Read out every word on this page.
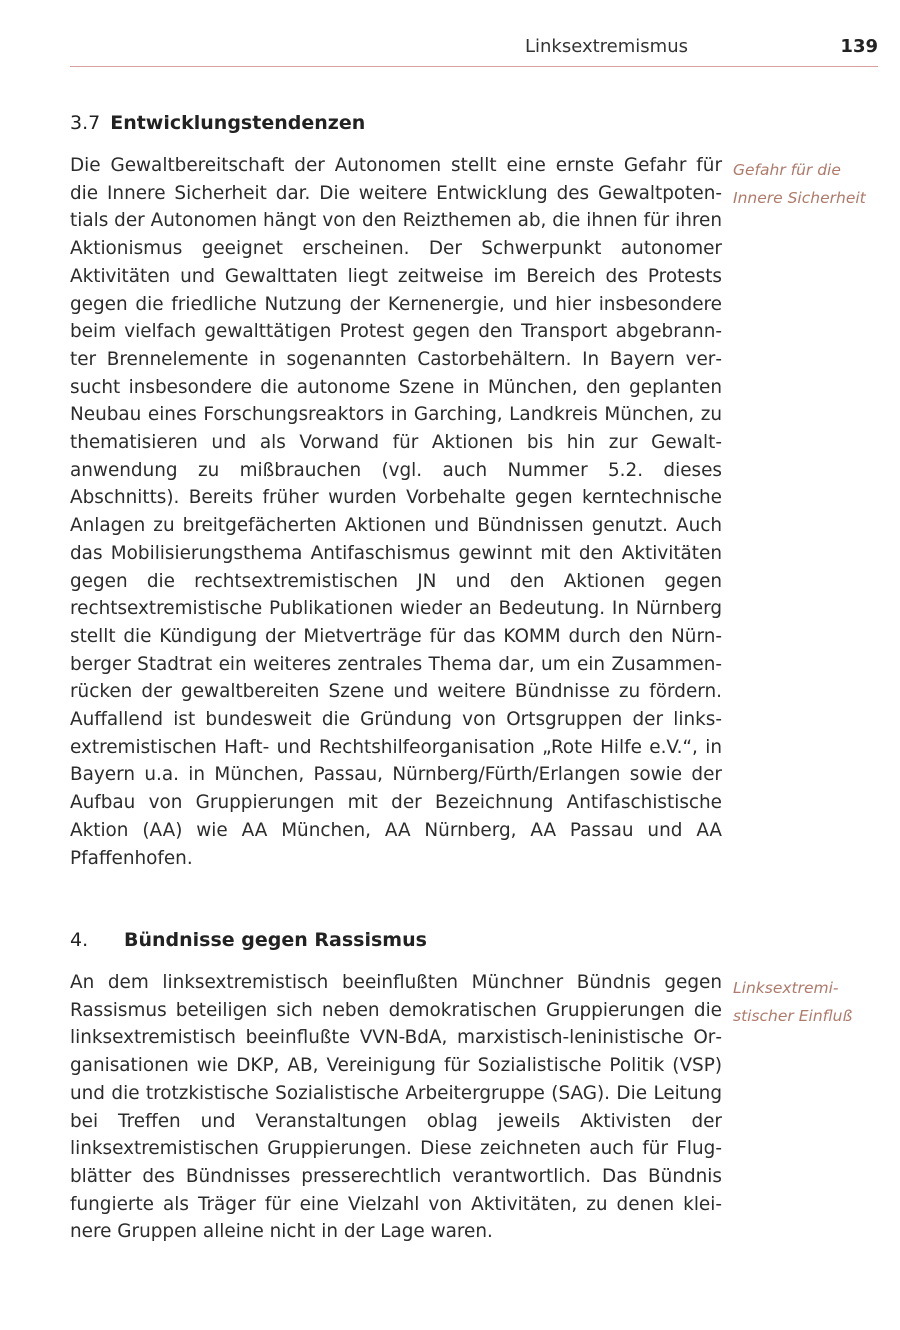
Linksextremismus	139
3.7 Entwicklungstendenzen

Die Gewaltbereitschaft der Autonomen stellt eine ernste Gefahr für die Innere Sicherheit dar. Die weitere Entwicklung des Gewaltpotentials der Autonomen hängt von den Reizthemen ab, die ihnen für ihren Aktionismus geeignet erscheinen. Der Schwerpunkt autonomer Aktivitäten und Gewalttaten liegt zeitweise im Bereich des Protests gegen die friedliche Nutzung der Kernenergie, und hier insbesondere beim vielfach gewalttätigen Protest gegen den Transport abgebrannter Brennelemente in sogenannten Castorbehältern. In Bayern versucht insbesondere die autonome Szene in München, den geplanten Neubau eines Forschungsreaktors in Garching, Landkreis München, zu thematisieren und als Vorwand für Aktionen bis hin zur Gewaltanwendung zu mißbrauchen (vgl. auch Nummer 5.2. dieses Abschnitts). Bereits früher wurden Vorbehalte gegen kerntechnische Anlagen zu breitgefächerten Aktionen und Bündnissen genutzt. Auch das Mobilisierungsthema Antifaschismus gewinnt mit den Aktivitäten gegen die rechtsextremistischen JN und den Aktionen gegen rechtsextremistische Publikationen wieder an Bedeutung. In Nürnberg stellt die Kündigung der Mietverträge für das KOMM durch den Nürnberger Stadtrat ein weiteres zentrales Thema dar, um ein Zusammenrücken der gewaltbereiten Szene und weitere Bündnisse zu fördern. Auffallend ist bundesweit die Gründung von Ortsgruppen der linksextremistischen Haft- und Rechtshilfeorganisation „Rote Hilfe e.V.“, in Bayern u.a. in München, Passau, Nürnberg/Fürth/Erlangen sowie der Aufbau von Gruppierungen mit der Bezeichnung Antifaschistische Aktion (AA) wie AA München, AA Nürnberg, AA Passau und AA Pfaffenhofen.

Gefahr für die
Innere Sicherheit
4. Bündnisse gegen Rassismus

An dem linksextremistisch beeinflußten Münchner Bündnis gegen Rassismus beteiligen sich neben demokratischen Gruppierungen die linksextremistisch beeinflußte VVN-BdA, marxistisch-leninistische Organisationen wie DKP, AB, Vereinigung für Sozialistische Politik (VSP) und die trotzkistische Sozialistische Arbeitergruppe (SAG). Die Leitung bei Treffen und Veranstaltungen oblag jeweils Aktivisten der linksextremistischen Gruppierungen. Diese zeichneten auch für Flugblätter des Bündnisses presserechtlich verantwortlich. Das Bündnis fungierte als Träger für eine Vielzahl von Aktivitäten, zu denen kleinere Gruppen alleine nicht in der Lage waren.

Linksextremi-
stischer Einfluß
